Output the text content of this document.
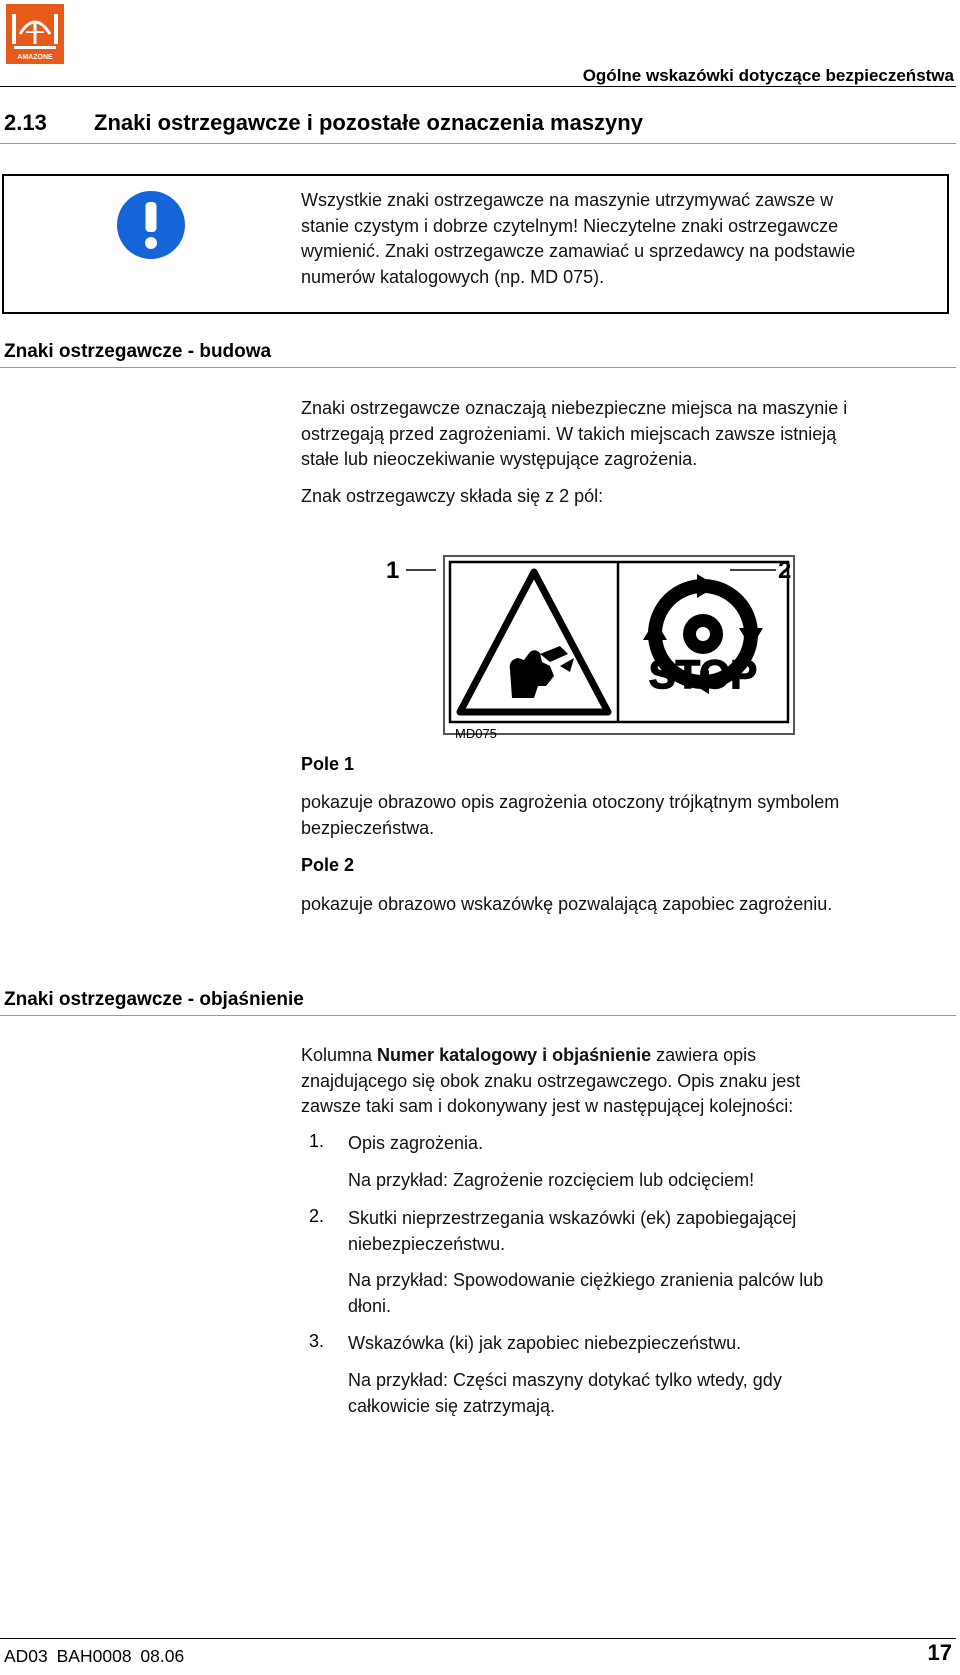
AMAZONE
Ogólne wskazówki dotyczące bezpieczeństwa
2.13 Znaki ostrzegawcze i pozostałe oznaczenia maszyny
Wszystkie znaki ostrzegawcze na maszynie utrzymywać zawsze w
stanie czystym i dobrze czytelnym! Nieczytelne znaki ostrzegawcze
wymienić. Znaki ostrzegawcze zamawiać u sprzedawcy na podstawie
numerów katalogowych (np. MD 075).
Znaki ostrzegawcze - budowa
Znaki ostrzegawcze oznaczają niebezpieczne miejsca na maszynie i
ostrzegają przed zagrożeniami. W takich miejscach zawsze istnieją
stałe lub nieoczekiwanie występujące zagrożenia.
Znak ostrzegawczy składa się z 2 pól:
STOP
MD075
1	2
Pole 1
pokazuje obrazowo opis zagrożenia otoczony trójkątnym symbolem
bezpieczeństwa.
Pole 2
pokazuje obrazowo wskazówkę pozwalającą zapobiec zagrożeniu.
Znaki ostrzegawcze - objaśnienie
Kolumna Numer katalogowy i objaśnienie zawiera opis
znajdującego się obok znaku ostrzegawczego. Opis znaku jest
zawsze taki sam i dokonywany jest w następującej kolejności:
1. Opis zagrożenia.
Na przykład: Zagrożenie rozcięciem lub odcięciem!
2. Skutki nieprzestrzegania wskazówki (ek) zapobiegającej
niebezpieczeństwu.
Na przykład: Spowodowanie ciężkiego zranienia palców lub
dłoni.
3. Wskazówka (ki) jak zapobiec niebezpieczeństwu.
Na przykład: Części maszyny dotykać tylko wtedy, gdy
całkowicie się zatrzymają.
AD03 BAH0008 08.06	17
